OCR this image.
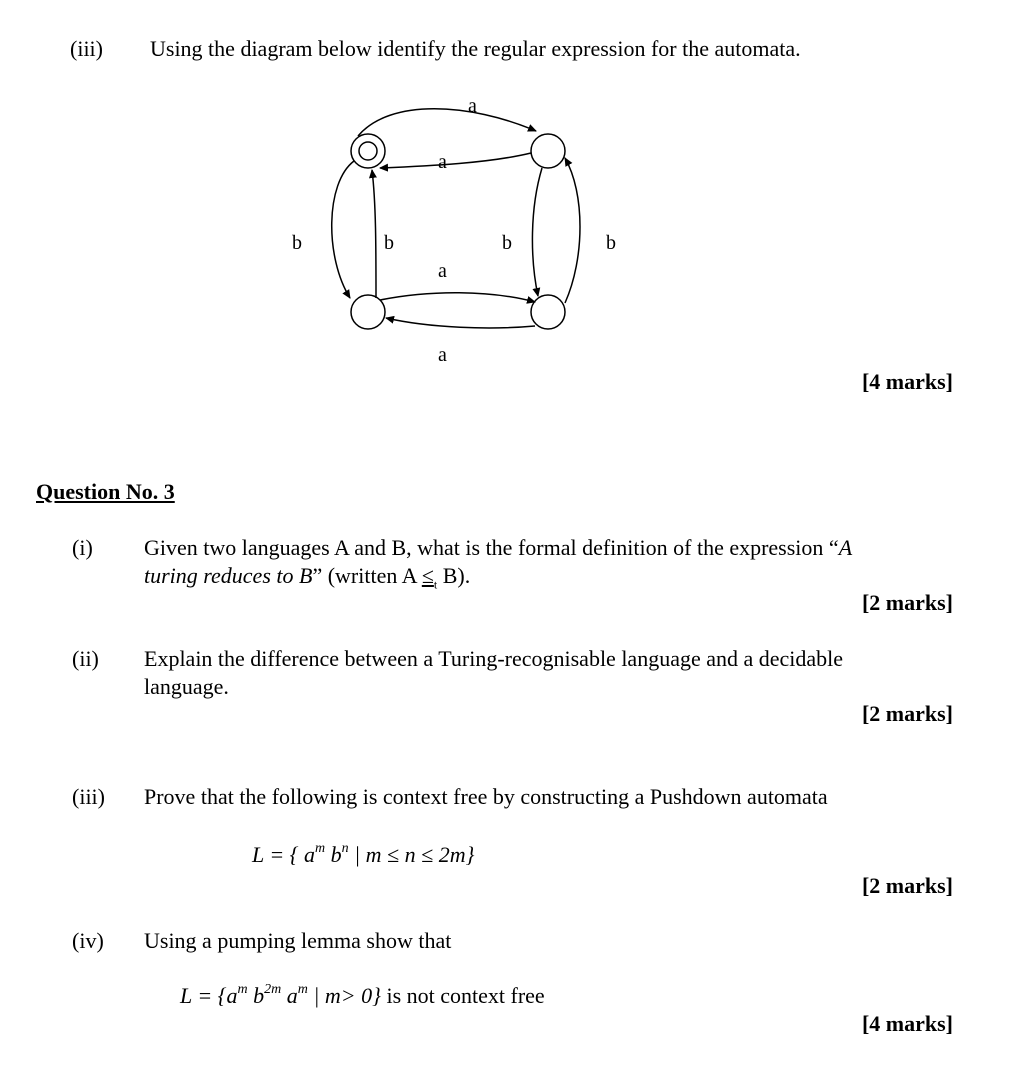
(iii) Using the diagram below identify the regular expression for the automata.
a
a
a
a
b	b	b	b
[4 marks]
Question No. 3
(i) Given two languages A and B, what is the formal definition of the expression “A
turing reduces to B” (written $A \le_t$ B).
[2 marks]
(ii) Explain the difference between a Turing-recognisable language and a decidable
language.
[2 marks]
(iii) Prove that the following is context free by constructing a Pushdown automata
L = { $a^m$ $b^n$ | m ≤ n ≤ 2m}
[2 marks]
(iv) Using a pumping lemma show that
$L = \{a^m$ $b^{2m}$ $a^m$ | m> 0} is not context free
[4 marks]
